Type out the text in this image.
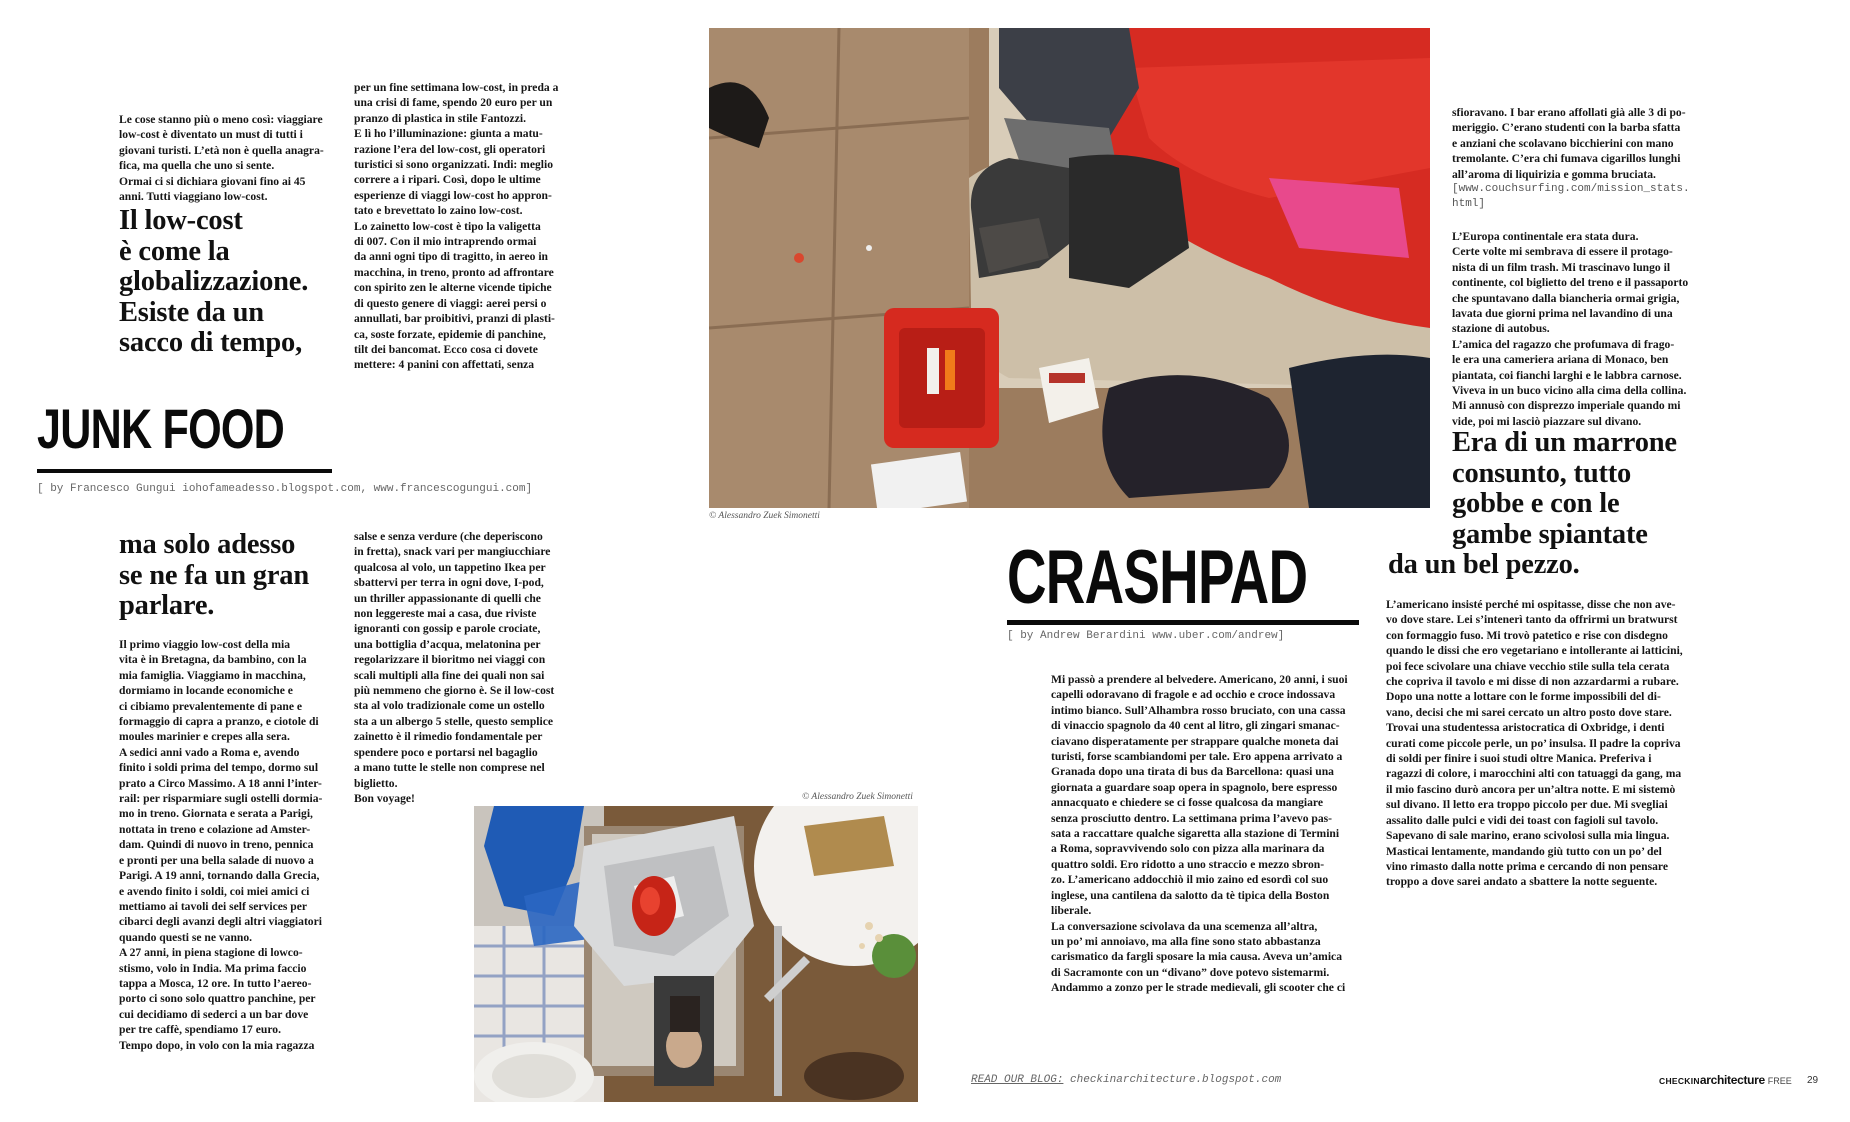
Le cose stanno più o meno così: viaggiare
low-cost è diventato un must di tutti i
giovani turisti. L’età non è quella anagra-
fica, ma quella che uno si sente.
Ormai ci si dichiara giovani fino ai 45
anni. Tutti viaggiano low-cost.

Il low-cost
è come la
globalizzazione.
Esiste da un
sacco di tempo,

per un fine settimana low-cost, in preda a
una crisi di fame, spendo 20 euro per un
pranzo di plastica in stile Fantozzi.
E lì ho l’illuminazione: giunta a matu-
razione l’era del low-cost, gli operatori
turistici si sono organizzati. Indi: meglio
correre a i ripari. Così, dopo le ultime
esperienze di viaggi low-cost ho appron-
tato e brevettato lo zaino low-cost.
Lo zainetto low-cost è tipo la valigetta
di 007. Con il mio intraprendo ormai
da anni ogni tipo di tragitto, in aereo in
macchina, in treno, pronto ad affrontare
con spirito zen le alterne vicende tipiche
di questo genere di viaggi: aerei persi o
annullati, bar proibitivi, pranzi di plasti-
ca, soste forzate, epidemie di panchine,
tilt dei bancomat. Ecco cosa ci dovete
mettere: 4 panini con affettati, senza

JUNK FOOD

[ by Francesco Gungui iohofameadesso.blogspot.com, www.francescogungui.com]

ma solo adesso
se ne fa un gran
parlare.

Il primo viaggio low-cost della mia
vita è in Bretagna, da bambino, con la
mia famiglia. Viaggiamo in macchina,
dormiamo in locande economiche e
ci cibiamo prevalentemente di pane e
formaggio di capra a pranzo, e ciotole di
moules marinier e crepes alla sera.
A sedici anni vado a Roma e, avendo
finito i soldi prima del tempo, dormo sul
prato a Circo Massimo. A 18 anni l’inter-
rail: per risparmiare sugli ostelli dormia-
mo in treno. Giornata e serata a Parigi,
nottata in treno e colazione ad Amster-
dam. Quindi di nuovo in treno, pennica
e pronti per una bella salade di nuovo a
Parigi. A 19 anni, tornando dalla Grecia,
e avendo finito i soldi, coi miei amici ci
mettiamo ai tavoli dei self services per
cibarci degli avanzi degli altri viaggiatori
quando questi se ne vanno.
A 27 anni, in piena stagione di lowco-
stismo, volo in India. Ma prima faccio
tappa a Mosca, 12 ore. In tutto l’aereo-
porto ci sono solo quattro panchine, per
cui decidiamo di sederci a un bar dove
per tre caffè, spendiamo 17 euro.
Tempo dopo, in volo con la mia ragazza

salse e senza verdure (che deperiscono
in fretta), snack vari per mangiucchiare
qualcosa al volo, un tappetino Ikea per
sbattervi per terra in ogni dove, I-pod,
un thriller appassionante di quelli che
non leggereste mai a casa, due riviste
ignoranti con gossip e parole crociate,
una bottiglia d’acqua, melatonina per
regolarizzare il bioritmo nei viaggi con
scali multipli alla fine dei quali non sai
più nemmeno che giorno è. Se il low-cost
sta al volo tradizionale come un ostello
sta a un albergo 5 stelle, questo semplice
zainetto è il rimedio fondamentale per
spendere poco e portarsi nel bagaglio
a mano tutte le stelle non comprese nel
biglietto.
Bon voyage!	© Alessandro Zuek Simonetti

© Alessandro Zuek Simonetti

sfioravano. I bar erano affollati già alle 3 di po-
meriggio. C’erano studenti con la barba sfatta
e anziani che scolavano bicchierini con mano
tremolante. C’era chi fumava cigarillos lunghi
all’aroma di liquirizia e gomma bruciata.

[www.couchsurfing.com/mission_stats.
html]

L’Europa continentale era stata dura.
Certe volte mi sembrava di essere il protago-
nista di un film trash. Mi trascinavo lungo il
continente, col biglietto del treno e il passaporto
che spuntavano dalla biancheria ormai grigia,
lavata due giorni prima nel lavandino di una
stazione di autobus.
L’amica del ragazzo che profumava di frago-
le era una cameriera ariana di Monaco, ben
piantata, coi fianchi larghi e le labbra carnose.
Viveva in un buco vicino alla cima della collina.
Mi annusò con disprezzo imperiale quando mi
vide, poi mi lasciò piazzare sul divano.

Era di un marrone
consunto, tutto
gobbe e con le
gambe spiantate

da un bel pezzo.

CRASHPAD

[ by Andrew Berardini www.uber.com/andrew]

Mi passò a prendere al belvedere. Americano, 20 anni, i suoi
capelli odoravano di fragole e ad occhio e croce indossava
intimo bianco. Sull’Alhambra rosso bruciato, con una cassa
di vinaccio spagnolo da 40 cent al litro, gli zingari smanac-
ciavano disperatamente per strappare qualche moneta dai
turisti, forse scambiandomi per tale. Ero appena arrivato a
Granada dopo una tirata di bus da Barcellona: quasi una
giornata a guardare soap opera in spagnolo, bere espresso
annacquato e chiedere se ci fosse qualcosa da mangiare
senza prosciutto dentro. La settimana prima l’avevo pas-
sata a raccattare qualche sigaretta alla stazione di Termini
a Roma, sopravvivendo solo con pizza alla marinara da
quattro soldi. Ero ridotto a uno straccio e mezzo sbron-
zo. L’americano addocchiò il mio zaino ed esordì col suo
inglese, una cantilena da salotto da tè tipica della Boston
liberale.
La conversazione scivolava da una scemenza all’altra,
un po’ mi annoiavo, ma alla fine sono stato abbastanza
carismatico da fargli sposare la mia causa. Aveva un’amica
di Sacramonte con un “divano” dove potevo sistemarmi.
Andammo a zonzo per le strade medievali, gli scooter che ci

L’americano insisté perché mi ospitasse, disse che non ave-
vo dove stare. Lei s’intenerì tanto da offrirmi un bratwurst
con formaggio fuso. Mi trovò patetico e rise con disdegno
quando le dissi che ero vegetariano e intollerante ai latticini,
poi fece scivolare una chiave vecchio stile sulla tela cerata
che copriva il tavolo e mi disse di non azzardarmi a rubare.
Dopo una notte a lottare con le forme impossibili del di-
vano, decisi che mi sarei cercato un altro posto dove stare.
Trovai una studentessa aristocratica di Oxbridge, i denti
curati come piccole perle, un po’ insulsa. Il padre la copriva
di soldi per finire i suoi studi oltre Manica. Preferiva i
ragazzi di colore, i marocchini alti con tatuaggi da gang, ma
il mio fascino durò ancora per un’altra notte. E mi sistemò
sul divano. Il letto era troppo piccolo per due. Mi svegliai
assalito dalle pulci e vidi dei toast con fagioli sul tavolo.
Sapevano di sale marino, erano scivolosi sulla mia lingua.
Masticai lentamente, mandando giù tutto con un po’ del
vino rimasto dalla notte prima e cercando di non pensare
troppo a dove sarei andato a sbattere la notte seguente.

READ OUR BLOG: checkinarchitecture.blogspot.com	CHECKINarchitecture FREE 29
